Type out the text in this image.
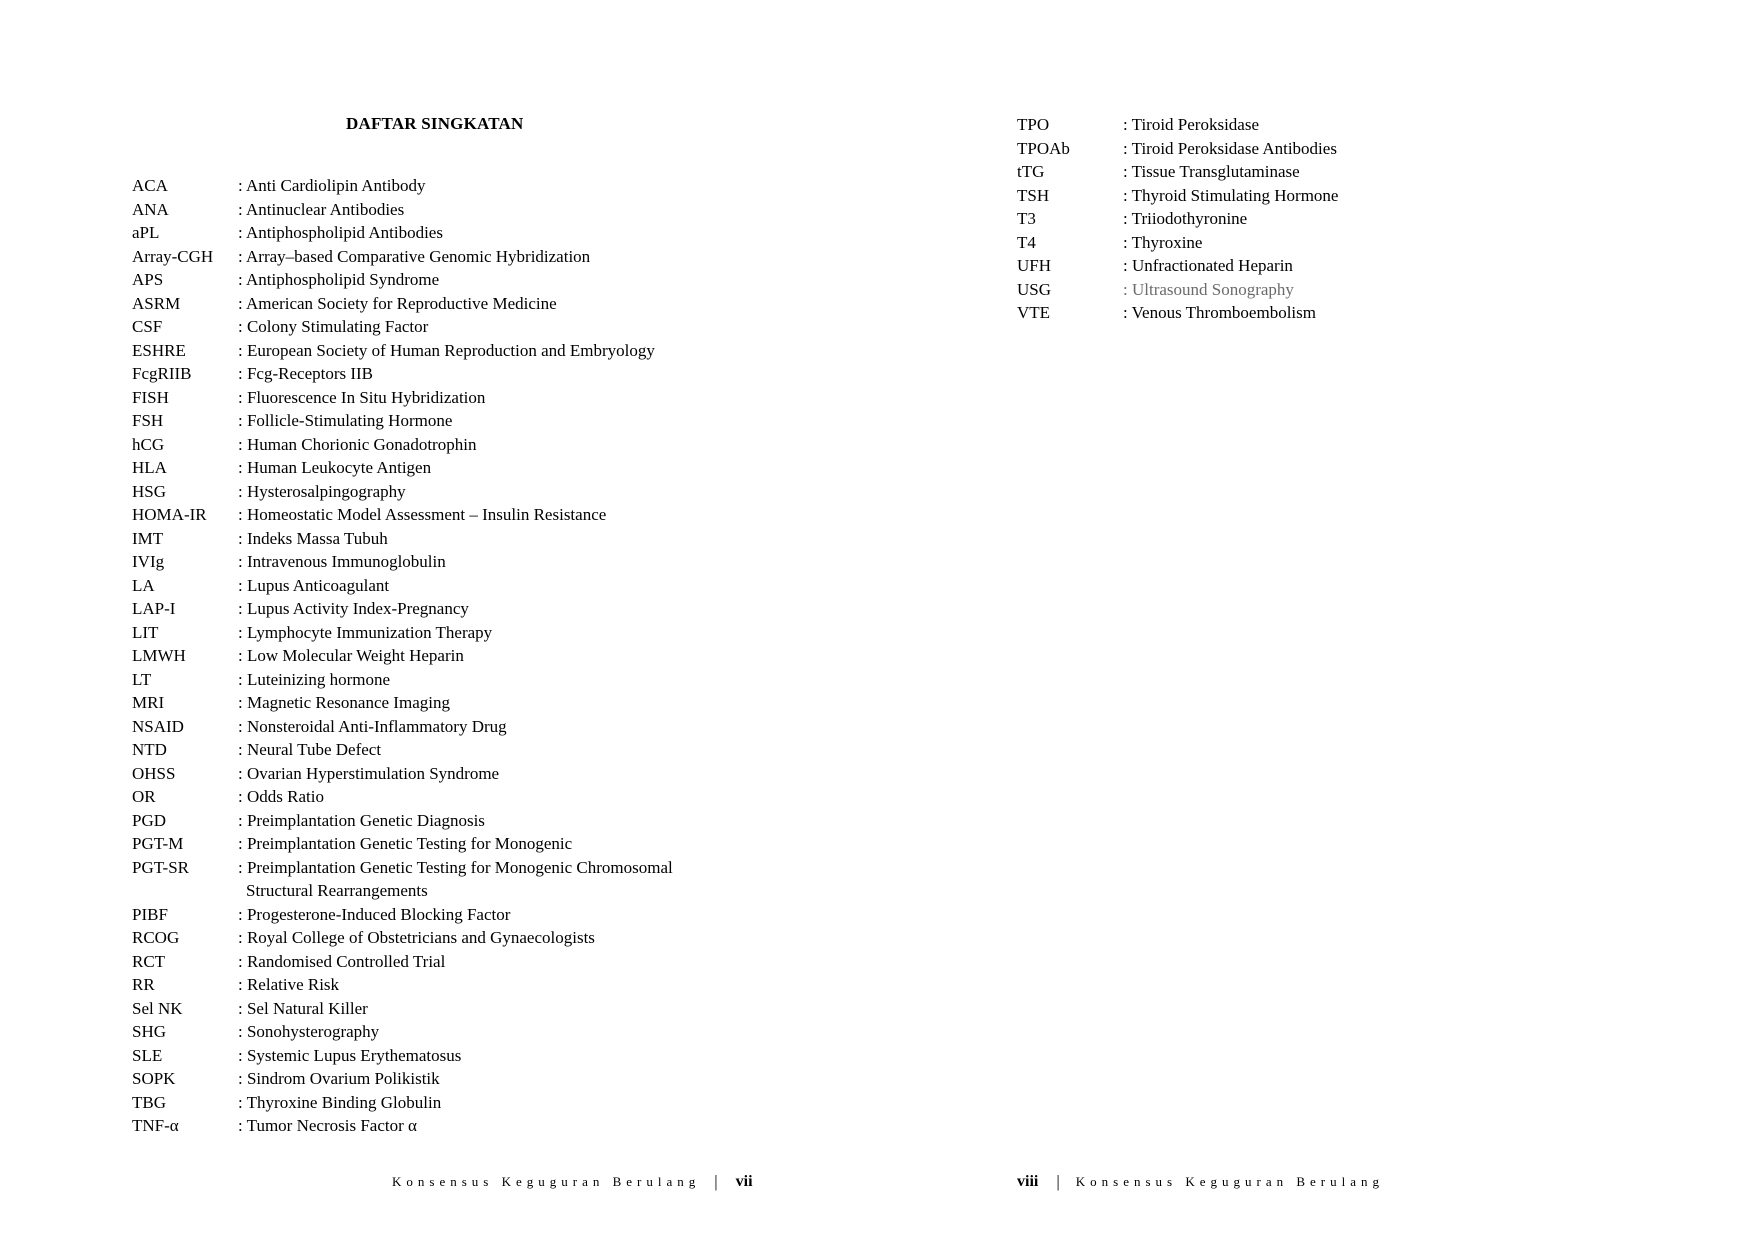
DAFTAR SINGKATAN
ACA	: Anti Cardiolipin Antibody
ANA	: Antinuclear Antibodies
aPL	: Antiphospholipid Antibodies
Array-CGH	: Array–based Comparative Genomic Hybridization
APS	: Antiphospholipid Syndrome
ASRM	: American Society for Reproductive Medicine
CSF	: Colony Stimulating Factor
ESHRE	: European Society of Human Reproduction and Embryology
FcgRIIB	: Fcg-Receptors IIB
FISH	: Fluorescence In Situ Hybridization
FSH	: Follicle-Stimulating Hormone
hCG	: Human Chorionic Gonadotrophin
HLA	: Human Leukocyte Antigen
HSG	: Hysterosalpingography
HOMA-IR	: Homeostatic Model Assessment – Insulin Resistance
IMT	: Indeks Massa Tubuh
IVIg	: Intravenous Immunoglobulin
LA	: Lupus Anticoagulant
LAP-I	: Lupus Activity Index-Pregnancy
LIT	: Lymphocyte Immunization Therapy
LMWH	: Low Molecular Weight Heparin
LT	: Luteinizing hormone
MRI	: Magnetic Resonance Imaging
NSAID	: Nonsteroidal Anti-Inflammatory Drug
NTD	: Neural Tube Defect
OHSS	: Ovarian Hyperstimulation Syndrome
OR	: Odds Ratio
PGD	: Preimplantation Genetic Diagnosis
PGT-M	: Preimplantation Genetic Testing for Monogenic
PGT-SR	: Preimplantation Genetic Testing for Monogenic Chromosomal
Structural Rearrangements
PIBF	: Progesterone-Induced Blocking Factor
RCOG	: Royal College of Obstetricians and Gynaecologists
RCT	: Randomised Controlled Trial
RR	: Relative Risk
Sel NK	: Sel Natural Killer
SHG	: Sonohysterography
SLE	: Systemic Lupus Erythematosus
SOPK	: Sindrom Ovarium Polikistik
TBG	: Thyroxine Binding Globulin
TNF-α	: Tumor Necrosis Factor α
Konsensus Keguguran Berulang | vii
TPO	: Tiroid Peroksidase
TPOAb	: Tiroid Peroksidase Antibodies
tTG	: Tissue Transglutaminase
TSH	: Thyroid Stimulating Hormone
T3	: Triiodothyronine
T4	: Thyroxine
UFH	: Unfractionated Heparin
USG	: Ultrasound Sonography
VTE	: Venous Thromboembolism
viii | Konsensus Keguguran Berulang
